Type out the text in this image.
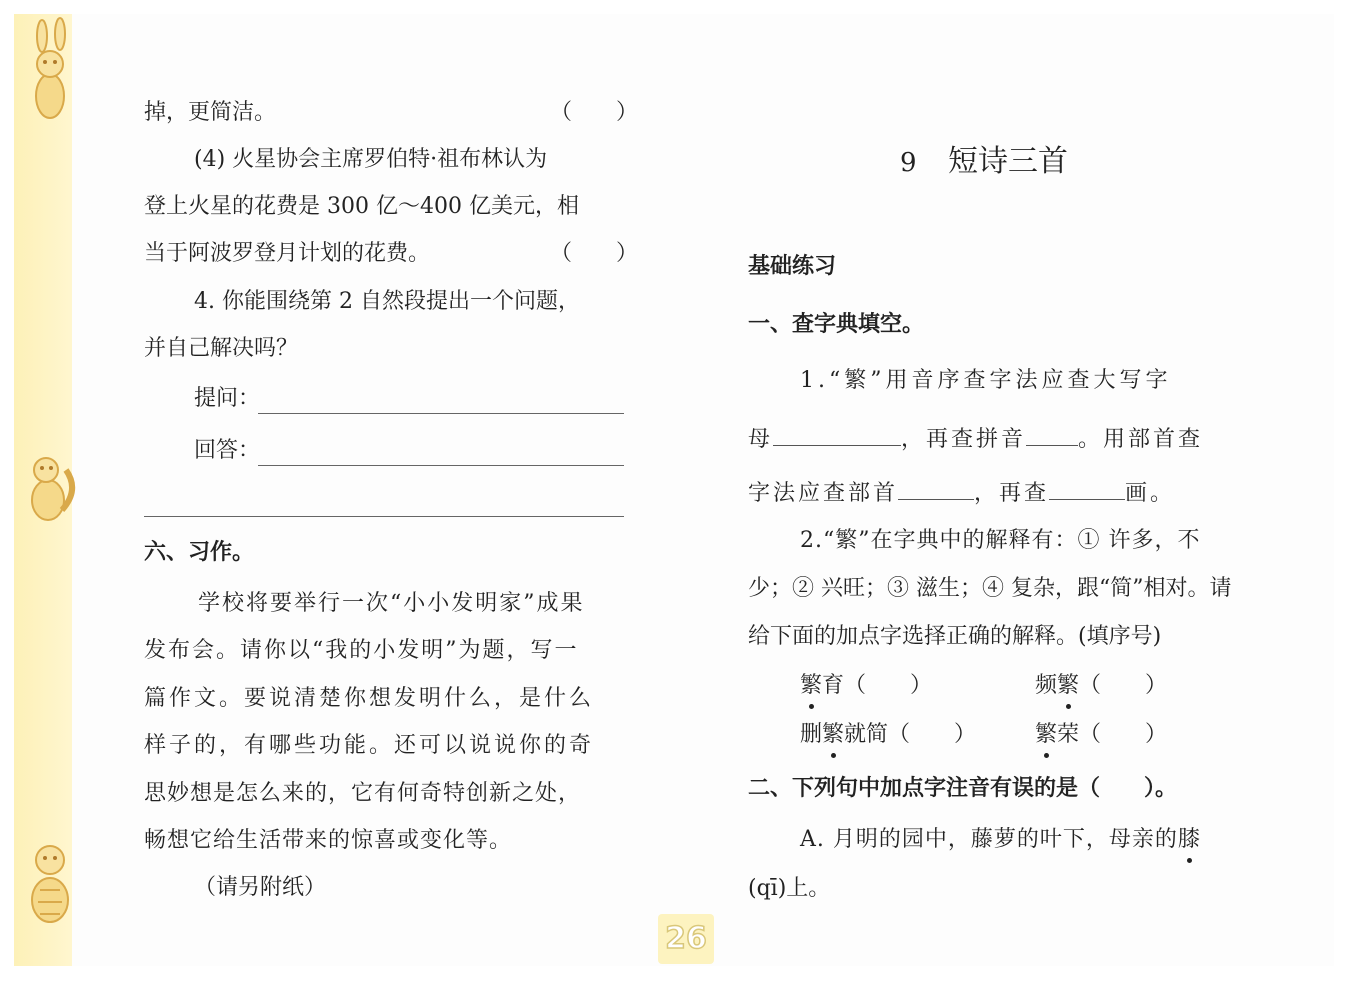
掉，更简洁。	（　　）
(4) 火星协会主席罗伯特·祖布林认为
登上火星的花费是 300 亿～400 亿美元，相
当于阿波罗登月计划的花费。	（　　）
4. 你能围绕第 2 自然段提出一个问题，
并自己解决吗？
提问：
回答：
六、习作。
学校将要举行一次“小小发明家”成果
发布会。请你以“我的小发明”为题，写一
篇作文。要说清楚你想发明什么，是什么
样子的，有哪些功能。还可以说说你的奇
思妙想是怎么来的，它有何奇特创新之处，
畅想它给生活带来的惊喜或变化等。
（请另附纸）
9 短诗三首
基础练习
一、查字典填空。
1.“繁”用音序查字法应查大写字
母	，再查拼音 。用部首查
字法应查部首	，再查	画。
2.“繁”在字典中的解释有：① 许多，不
少；② 兴旺；③ 滋生；④ 复杂，跟“简”相对。请
给下面的加点字选择正确的解释。(填序号)
繁育（　　）	频繁（　　）
删繁就简（　　）	繁荣（　　）
二、下列句中加点字注音有误的是（　　）。
A. 月明的园中，藤萝的叶下，母亲的膝
(qī)上。
26
